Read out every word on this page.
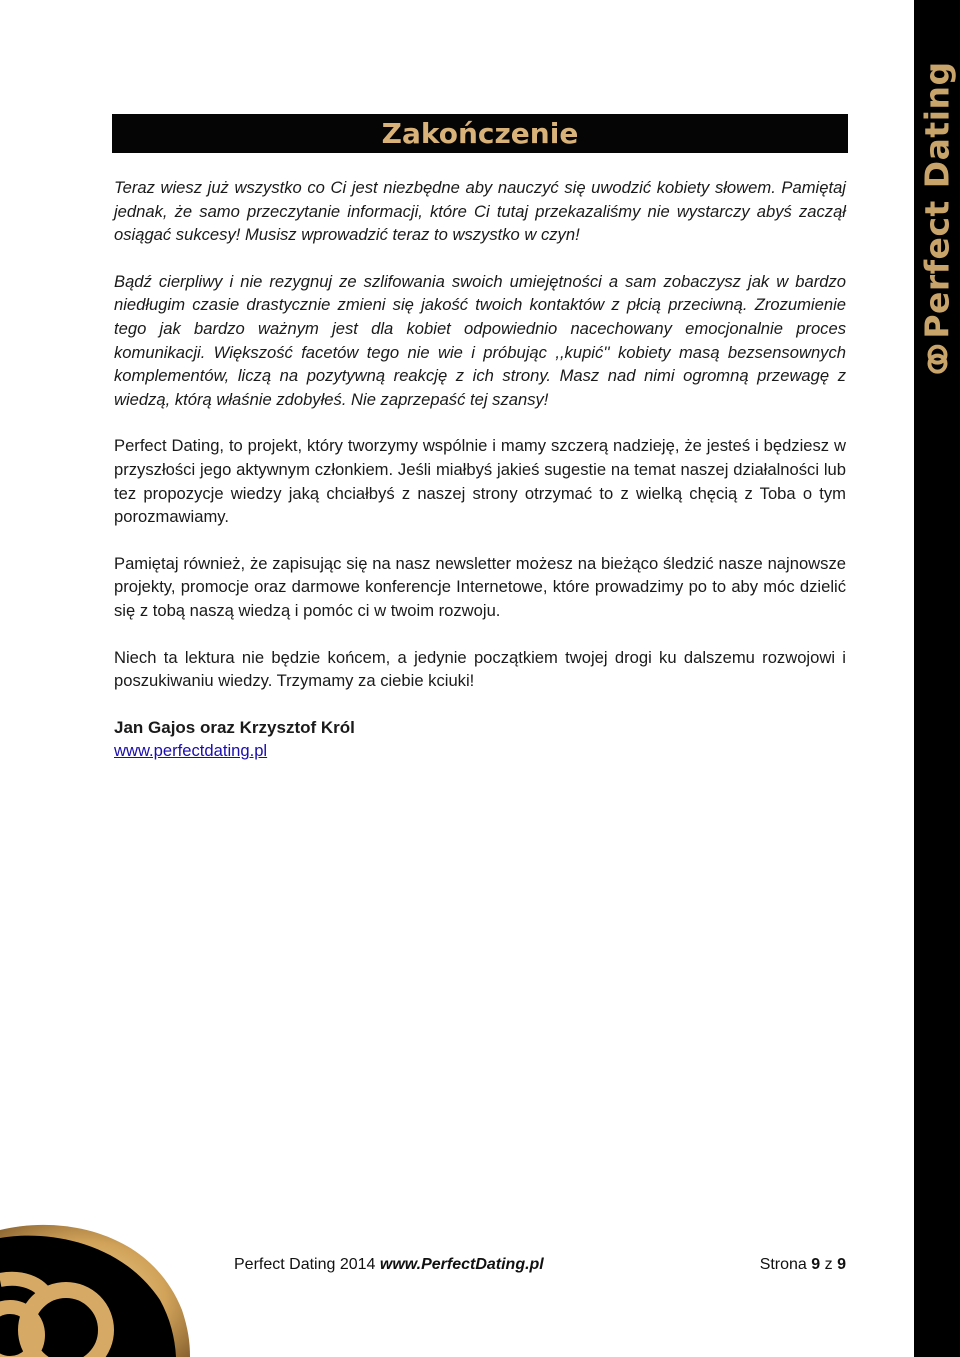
Perfect Dating
Zakończenie

Teraz wiesz już wszystko co Ci jest niezbędne aby nauczyć się uwodzić kobiety słowem. Pamiętaj jednak, że samo przeczytanie informacji, które Ci tutaj przekazaliśmy nie wystarczy abyś zaczął osiągać sukcesy! Musisz wprowadzić teraz to wszystko w czyn!

Bądź cierpliwy i nie rezygnuj ze szlifowania swoich umiejętności a sam zobaczysz jak w bardzo niedługim czasie drastycznie zmieni się jakość twoich kontaktów z płcią przeciwną. Zrozumienie tego jak bardzo ważnym jest dla kobiet odpowiednio nacechowany emocjonalnie proces komunikacji. Większość facetów tego nie wie i próbując ,,kupić'' kobiety masą bezsensownych komplementów, liczą na pozytywną reakcję z ich strony. Masz nad nimi ogromną przewagę z wiedzą, którą właśnie zdobyłeś. Nie zaprzepaść tej szansy!

Perfect Dating, to projekt, który tworzymy wspólnie i mamy szczerą nadzieję, że jesteś i będziesz w przyszłości jego aktywnym członkiem. Jeśli miałbyś jakieś sugestie na temat naszej działalności lub tez propozycje wiedzy jaką chciałbyś z naszej strony otrzymać to z wielką chęcią z Toba o tym porozmawiamy.

Pamiętaj również, że zapisując się na nasz newsletter możesz na bieżąco śledzić nasze najnowsze projekty, promocje oraz darmowe konferencje Internetowe, które prowadzimy po to aby móc dzielić się z tobą naszą wiedzą i pomóc ci w twoim rozwoju.

Niech ta lektura nie będzie końcem, a jedynie początkiem twojej drogi ku dalszemu rozwojowi i poszukiwaniu wiedzy. Trzymamy za ciebie kciuki!

Jan Gajos oraz Krzysztof Król
www.perfectdating.pl
Perfect Dating 2014 www.PerfectDating.pl	Strona 9 z 9
